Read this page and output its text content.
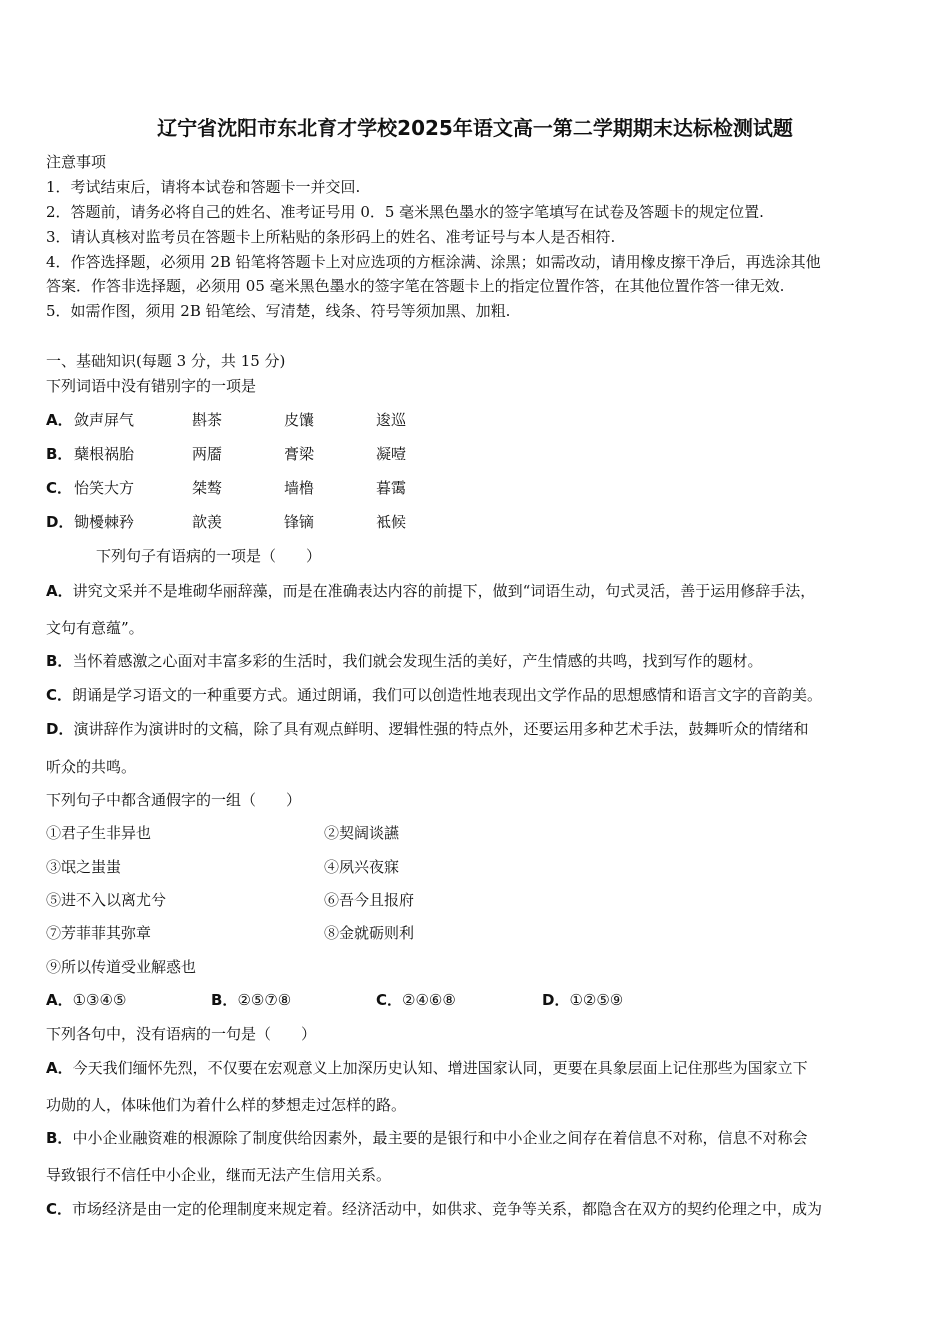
辽宁省沈阳市东北育才学校2025年语文高一第二学期期末达标检测试题
注意事项
1．考试结束后，请将本试卷和答题卡一并交回.
2．答题前，请务必将自己的姓名、准考证号用 0．5 毫米黑色墨水的签字笔填写在试卷及答题卡的规定位置.
3．请认真核对监考员在答题卡上所粘贴的条形码上的姓名、准考证号与本人是否相符.
4．作答选择题，必须用 2B 铅笔将答题卡上对应选项的方框涂满、涂黑；如需改动，请用橡皮擦干净后，再选涂其他
答案．作答非选择题，必须用 05 毫米黑色墨水的签字笔在答题卡上的指定位置作答，在其他位置作答一律无效.
5．如需作图，须用 2B 铅笔绘、写清楚，线条、符号等须加黑、加粗.
一、基础知识(每题 3 分，共 15 分)
下列词语中没有错别字的一项是
A． 敛声屏气	斟茶	皮馕	逡巡
B． 蘖根祸胎	两靥	膏梁	凝噎
C． 怡笑大方	桀骜	墙橹	暮霭
D． 锄櫌棘矜	歆羡	锋镝	袛候
下列句子有语病的一项是（　　）
A．讲究文采并不是堆砌华丽辞藻，而是在准确表达内容的前提下，做到“词语生动，句式灵活，善于运用修辞手法，
文句有意蕴”。
B．当怀着感激之心面对丰富多彩的生活时，我们就会发现生活的美好，产生情感的共鸣，找到写作的题材。
C．朗诵是学习语文的一种重要方式。通过朗诵，我们可以创造性地表现出文学作品的思想感情和语言文字的音韵美。
D．演讲辞作为演讲时的文稿，除了具有观点鲜明、逻辑性强的特点外，还要运用多种艺术手法，鼓舞听众的情绪和
听众的共鸣。
下列句子中都含通假字的一组（　　）
①君子生非异也	②契阔谈讌
③氓之蚩蚩	④夙兴夜寐
⑤进不入以离尤兮	⑥吾今且报府
⑦芳菲菲其弥章	⑧金就砺则利
⑨所以传道受业解惑也
A．①③④⑤	B．②⑤⑦⑧	C．②④⑥⑧	D．①②⑤⑨
下列各句中，没有语病的一句是（　　）
A．今天我们缅怀先烈，不仅要在宏观意义上加深历史认知、增进国家认同，更要在具象层面上记住那些为国家立下
功勋的人，体味他们为着什么样的梦想走过怎样的路。
B．中小企业融资难的根源除了制度供给因素外，最主要的是银行和中小企业之间存在着信息不对称，信息不对称会
导致银行不信任中小企业，继而无法产生信用关系。
C．市场经济是由一定的伦理制度来规定着。经济活动中，如供求、竞争等关系，都隐含在双方的契约伦理之中，成为
